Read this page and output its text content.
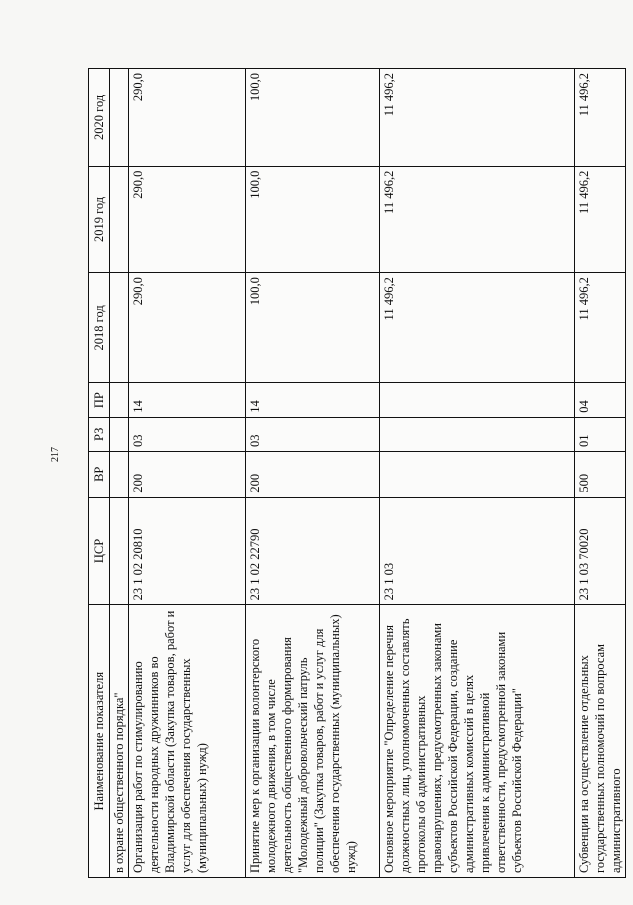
217
Наименование показателя	ЦСР	ВР	РЗ	ПР	2018 год	2019 год	2020 год
в охране общественного порядка"							
Организация работ по стимулированию деятельности народных дружинников во Владимирской области (Закупка товаров, работ и услуг для обеспечения государственных (муниципальных) нужд)	23 1 02 20810	200	03	14	290,0	290,0	290,0
Принятие мер к организации волонтерского молодежного движения, в том числе деятельность общественного формирования "Молодежный добровольческий патруль полиции" (Закупка товаров, работ и услуг для обеспечения государственных (муниципальных) нужд)	23 1 02 22790	200	03	14	100,0	100,0	100,0
Основное мероприятие "Определение перечня должностных лиц, уполномоченных составлять протоколы об административных правонарушениях, предусмотренных законами субъектов Российской Федерации, создание административных комиссий в целях привлечения к административной ответственности, предусмотренной законами субъектов Российской Федерации"	23 1 03				11 496,2	11 496,2	11 496,2
Субвенции на осуществление отдельных государственных полномочий по вопросам административного	23 1 03 70020	500	01	04	11 496,2	11 496,2	11 496,2
